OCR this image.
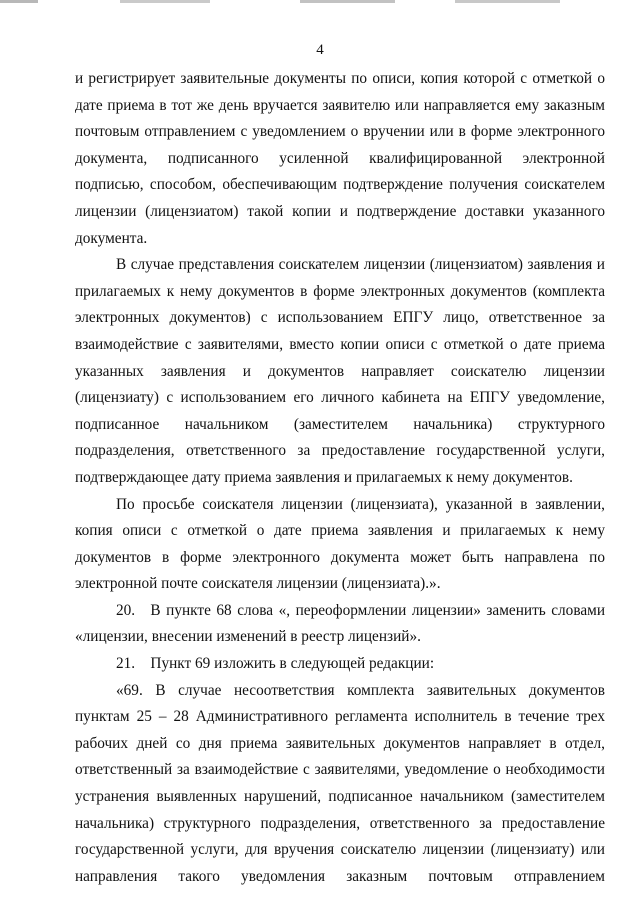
4

и регистрирует заявительные документы по описи, копия которой с отметкой о дате приема в тот же день вручается заявителю или направляется ему заказным почтовым отправлением с уведомлением о вручении или в форме электронного документа, подписанного усиленной квалифицированной электронной подписью, способом, обеспечивающим подтверждение получения соискателем лицензии (лицензиатом) такой копии и подтверждение доставки указанного документа.

В случае представления соискателем лицензии (лицензиатом) заявления и прилагаемых к нему документов в форме электронных документов (комплекта электронных документов) с использованием ЕПГУ лицо, ответственное за взаимодействие с заявителями, вместо копии описи с отметкой о дате приема указанных заявления и документов направляет соискателю лицензии (лицензиату) с использованием его личного кабинета на ЕПГУ уведомление, подписанное начальником (заместителем начальника) структурного подразделения, ответственного за предоставление государственной услуги, подтверждающее дату приема заявления и прилагаемых к нему документов.

По просьбе соискателя лицензии (лицензиата), указанной в заявлении, копия описи с отметкой о дате приема заявления и прилагаемых к нему документов в форме электронного документа может быть направлена по электронной почте соискателя лицензии (лицензиата).».

20. В пункте 68 слова «, переоформлении лицензии» заменить словами «лицензии, внесении изменений в реестр лицензий».

21. Пункт 69 изложить в следующей редакции:

«69. В случае несоответствия комплекта заявительных документов пунктам 25 – 28 Административного регламента исполнитель в течение трех рабочих дней со дня приема заявительных документов направляет в отдел, ответственный за взаимодействие с заявителями, уведомление о необходимости устранения выявленных нарушений, подписанное начальником (заместителем начальника) структурного подразделения, ответственного за предоставление государственной услуги, для вручения соискателю лицензии (лицензиату) или направления такого уведомления заказным почтовым отправлением
